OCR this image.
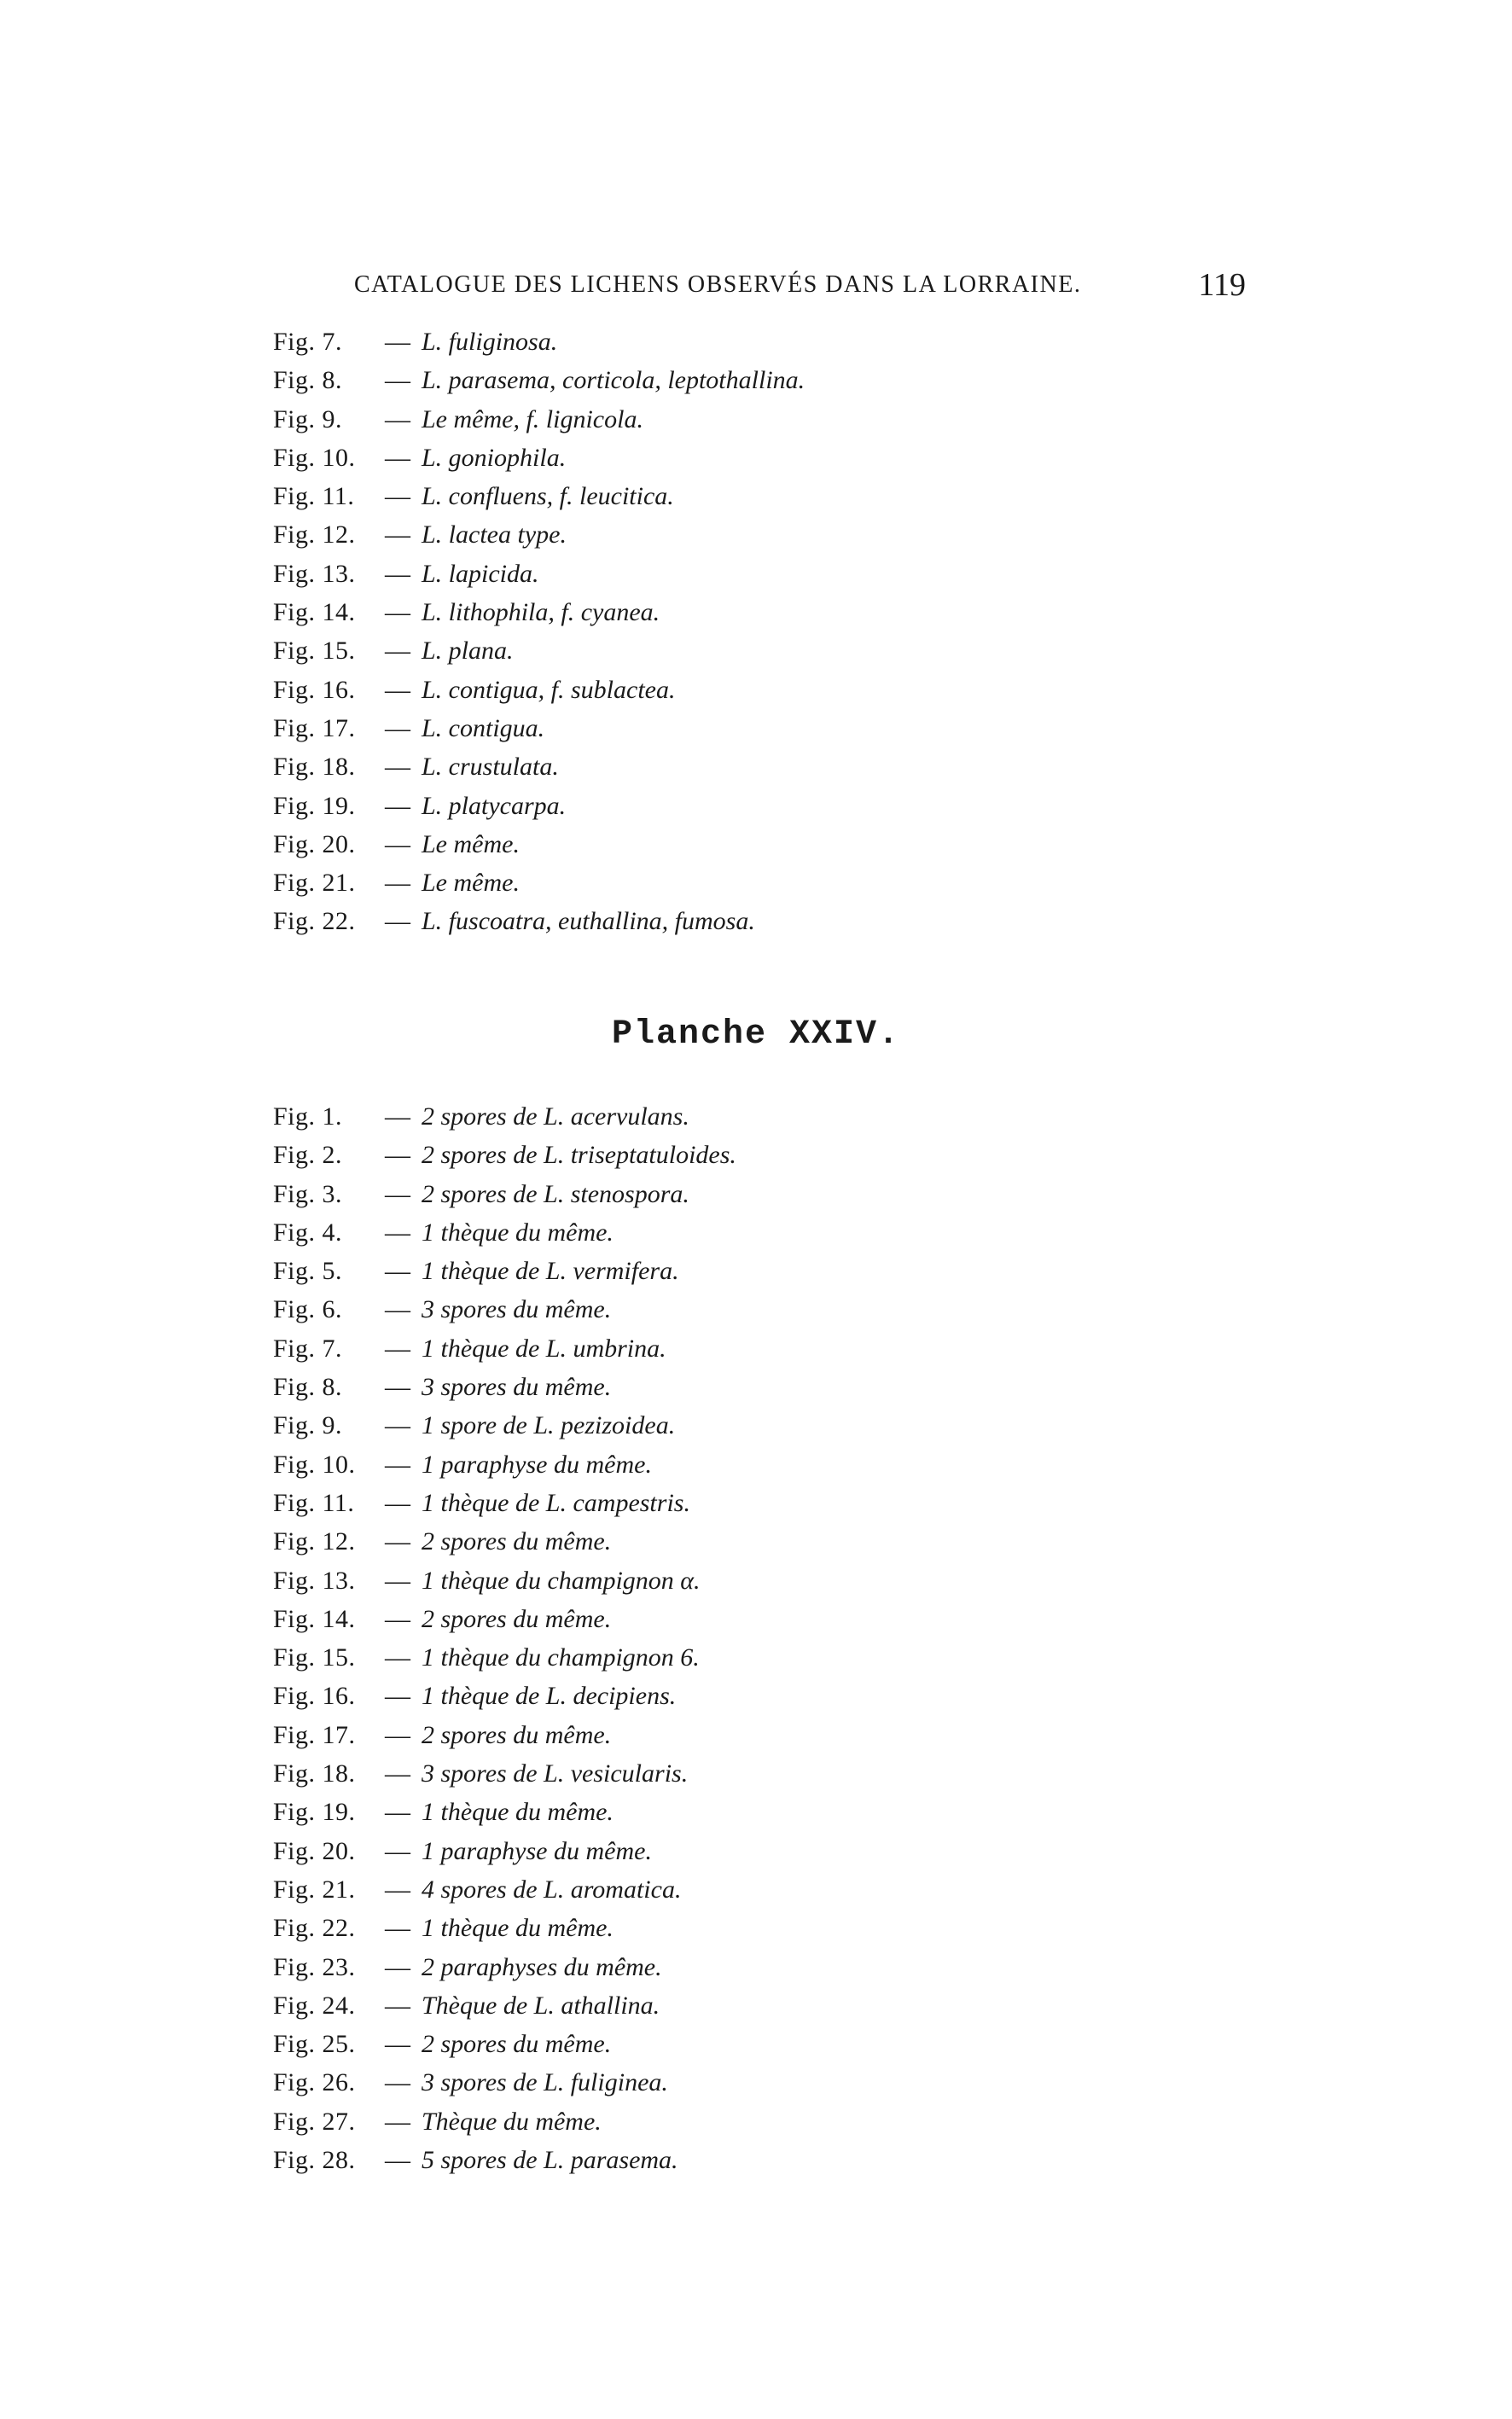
CATALOGUE DES LICHENS OBSERVÉS DANS LA LORRAINE.	119
Fig. 7. — L. fuliginosa.
Fig. 8. — L. parasema, corticola, leptothallina.
Fig. 9. — Le même, f. lignicola.
Fig. 10. — L. goniophila.
Fig. 11. — L. confluens, f. leucitica.
Fig. 12. — L. lactea type.
Fig. 13. — L. lapicida.
Fig. 14. — L. lithophila, f. cyanea.
Fig. 15. — L. plana.
Fig. 16. — L. contigua, f. sublactea.
Fig. 17. — L. contigua.
Fig. 18. — L. crustulata.
Fig. 19. — L. platycarpa.
Fig. 20. — Le même.
Fig. 21. — Le même.
Fig. 22. — L. fuscoatra, euthallina, fumosa.
Planche XXIV.
Fig. 1. — 2 spores de L. acervulans.
Fig. 2. — 2 spores de L. triseptatuloides.
Fig. 3. — 2 spores de L. stenospora.
Fig. 4. — 1 thèque du même.
Fig. 5. — 1 thèque de L. vermifera.
Fig. 6. — 3 spores du même.
Fig. 7. — 1 thèque de L. umbrina.
Fig. 8. — 3 spores du même.
Fig. 9. — 1 spore de L. pezizoidea.
Fig. 10. — 1 paraphyse du même.
Fig. 11. — 1 thèque de L. campestris.
Fig. 12. — 2 spores du même.
Fig. 13. — 1 thèque du champignon α.
Fig. 14. — 2 spores du même.
Fig. 15. — 1 thèque du champignon 6.
Fig. 16. — 1 thèque de L. decipiens.
Fig. 17. — 2 spores du même.
Fig. 18. — 3 spores de L. vesicularis.
Fig. 19. — 1 thèque du même.
Fig. 20. — 1 paraphyse du même.
Fig. 21. — 4 spores de L. aromatica.
Fig. 22. — 1 thèque du même.
Fig. 23. — 2 paraphyses du même.
Fig. 24. — Thèque de L. athallina.
Fig. 25. — 2 spores du même.
Fig. 26. — 3 spores de L. fuliginea.
Fig. 27. — Thèque du même.
Fig. 28. — 5 spores de L. parasema.
